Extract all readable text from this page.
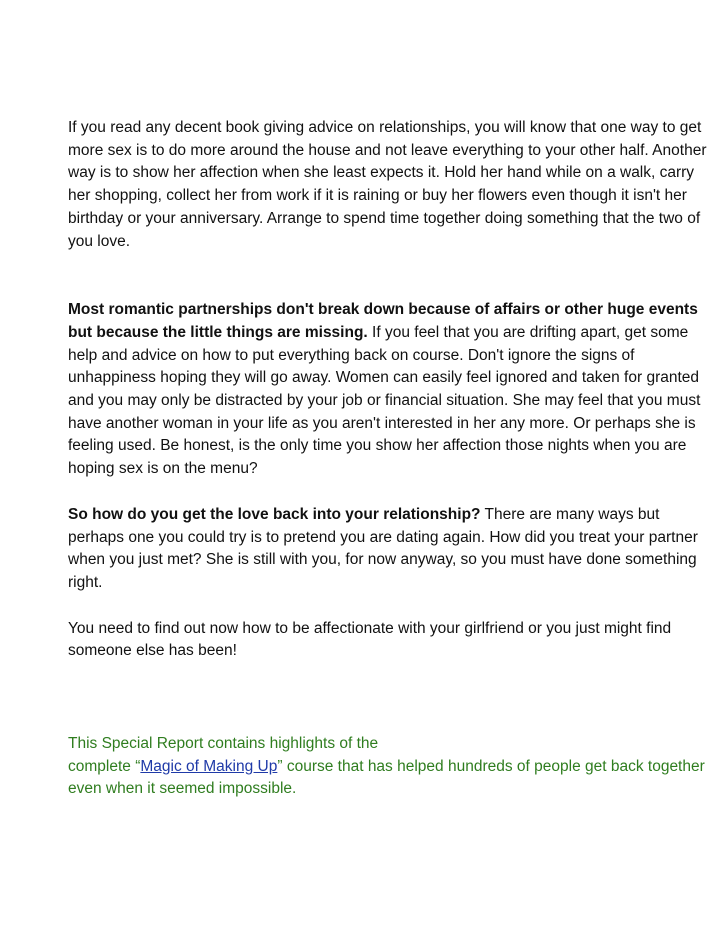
If you read any decent book giving advice on relationships, you will know that one way to get more sex is to do more around the house and not leave everything to your other half. Another way is to show her affection when she least expects it. Hold her hand while on a walk, carry her shopping, collect her from work if it is raining or buy her flowers even though it isn't her birthday or your anniversary. Arrange to spend time together doing something that the two of you love.

Most romantic partnerships don't break down because of affairs or other huge events but because the little things are missing. If you feel that you are drifting apart, get some help and advice on how to put everything back on course. Don't ignore the signs of unhappiness hoping they will go away. Women can easily feel ignored and taken for granted and you may only be distracted by your job or financial situation. She may feel that you must have another woman in your life as you aren't interested in her any more. Or perhaps she is feeling used. Be honest, is the only time you show her affection those nights when you are hoping sex is on the menu?

So how do you get the love back into your relationship? There are many ways but perhaps one you could try is to pretend you are dating again. How did you treat your partner when you just met? She is still with you, for now anyway, so you must have done something right.

You need to find out now how to be affectionate with your girlfriend or you just might find someone else has been!

This Special Report contains highlights of the
complete “Magic of Making Up” course that has helped hundreds of people get back together even when it seemed impossible.
